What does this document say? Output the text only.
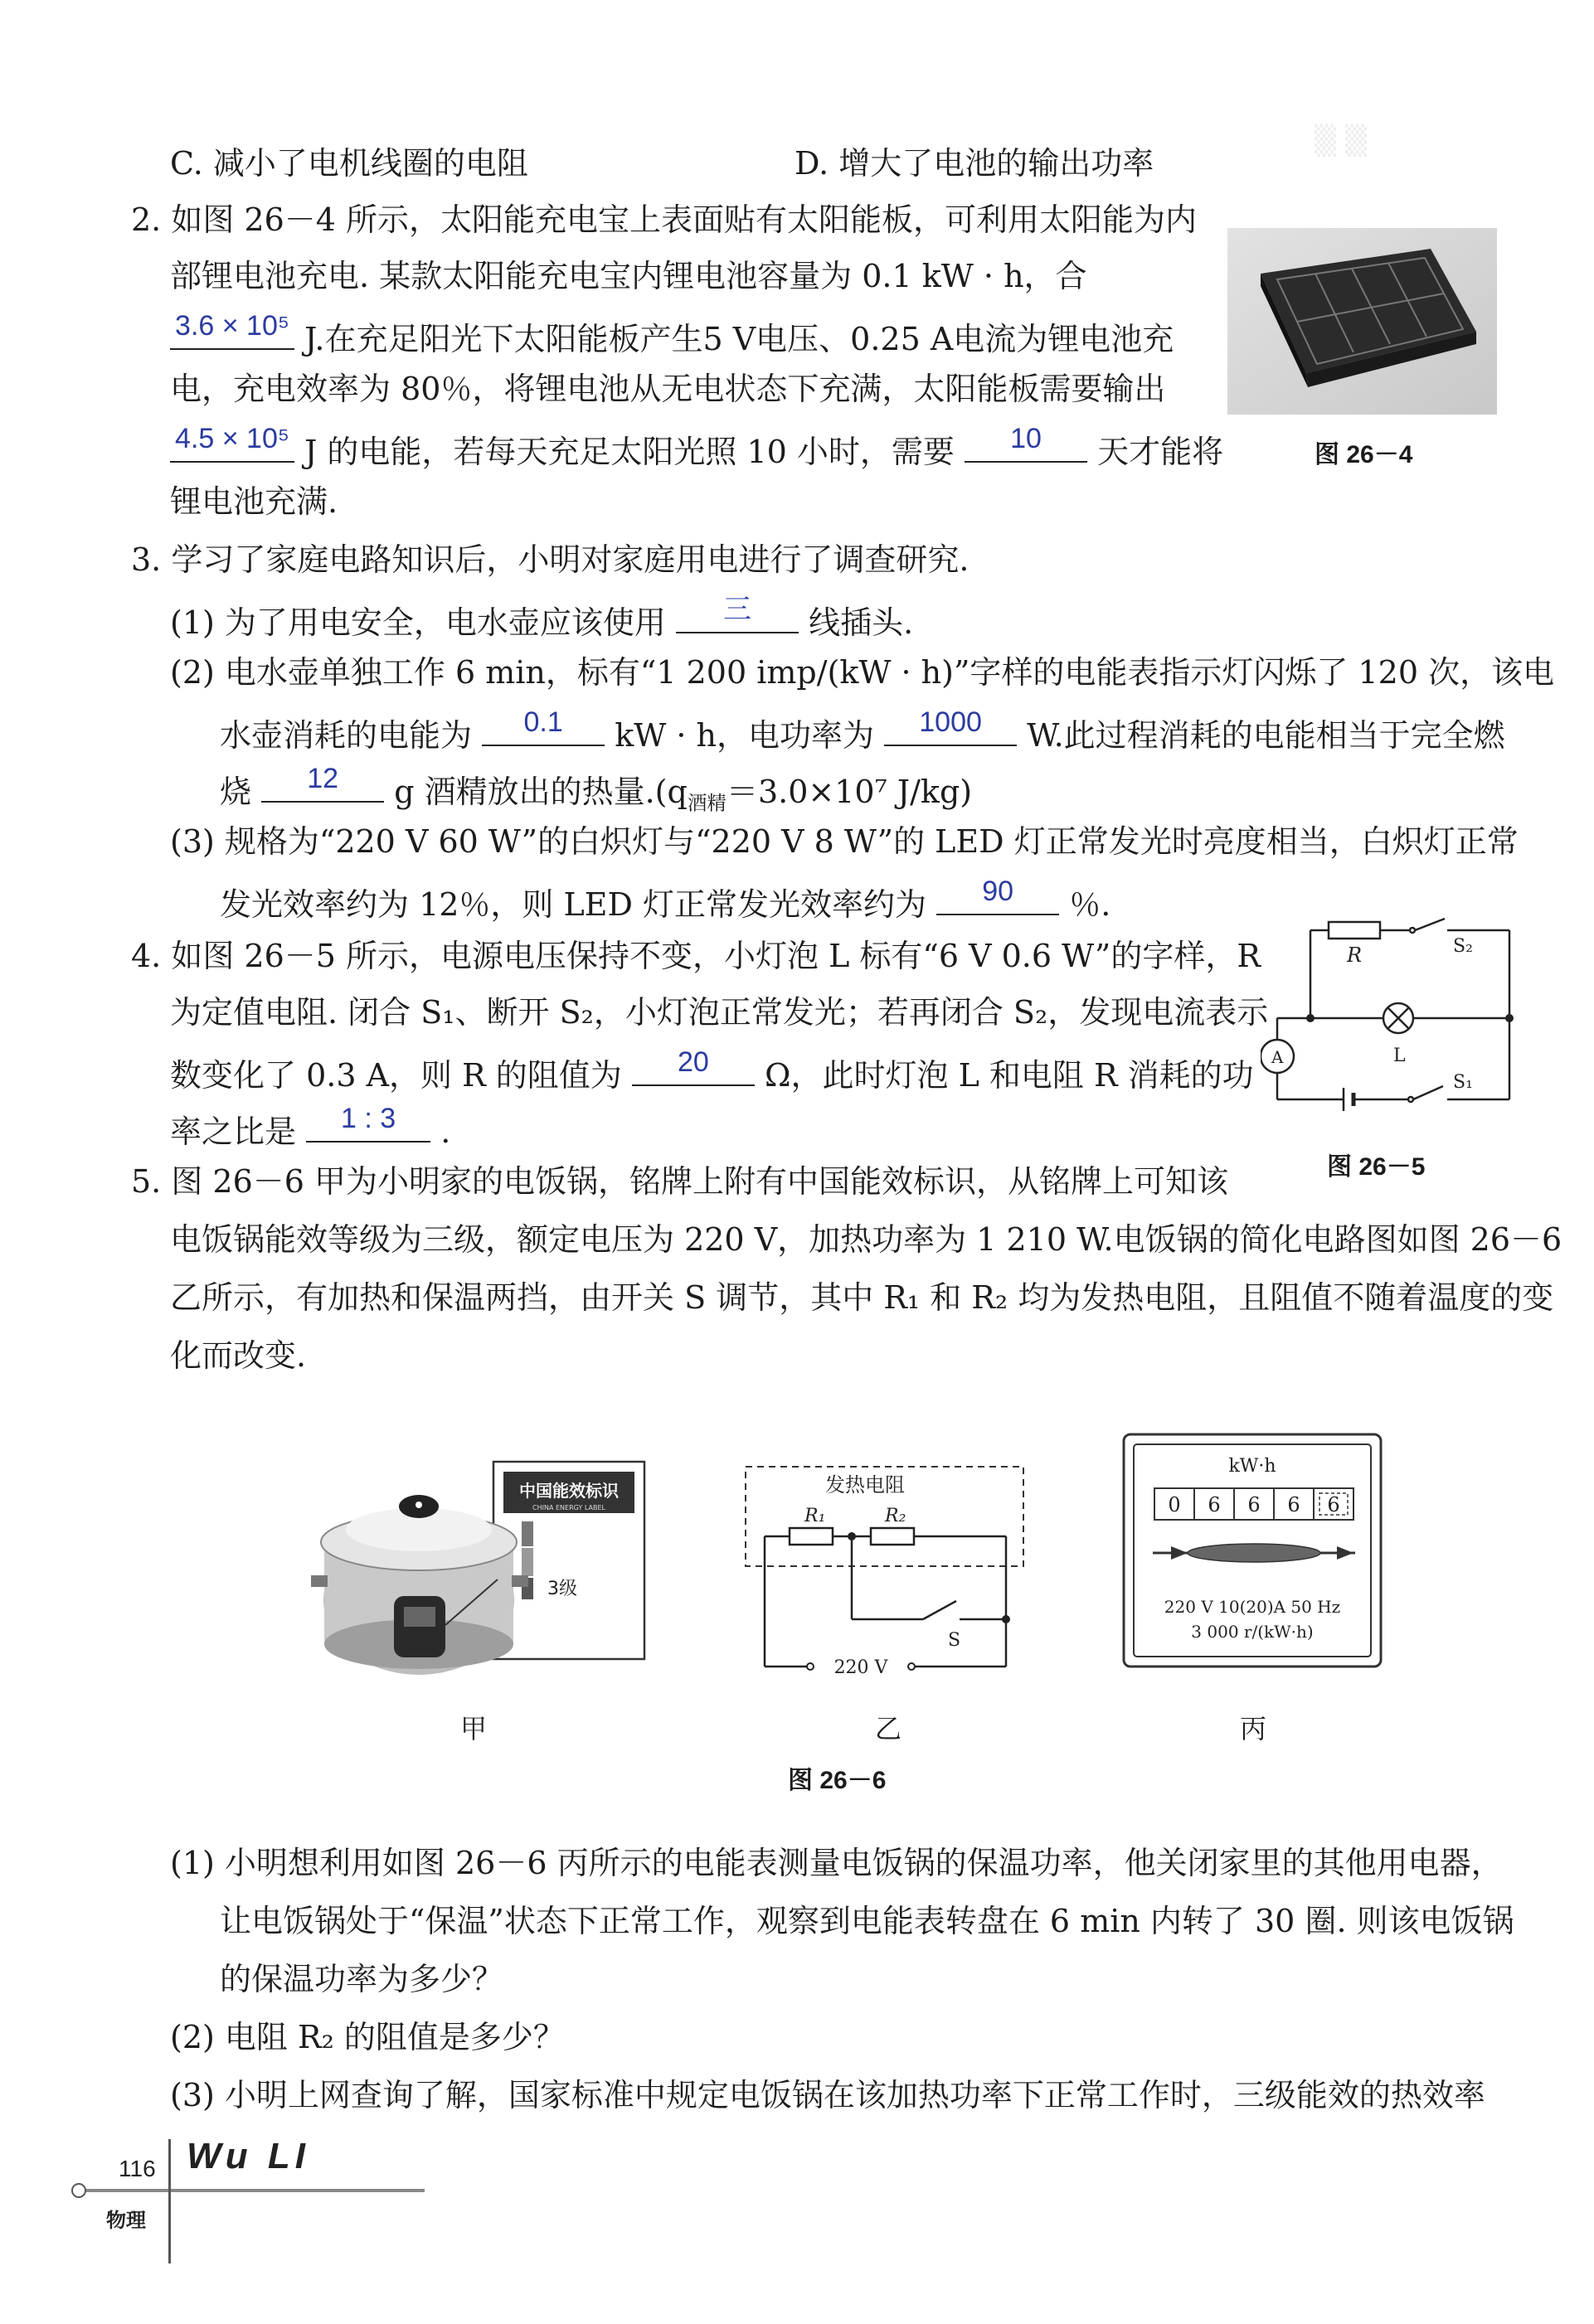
C. 减小了电机线圈的电阻	D. 增大了电池的输出功率
▒ ▒
2. 如图 26－4 所示，太阳能充电宝上表面贴有太阳能板，可利用太阳能为内
部锂电池充电. 某款太阳能充电宝内锂电池容量为 0.1 kW · h，合
3.6 × 10⁵ J.在充足阳光下太阳能板产生5 V电压、0.25 A电流为锂电池充
电，充电效率为 80％，将锂电池从无电状态下充满，太阳能板需要输出
4.5 × 10⁵ J 的电能，若每天充足太阳光照 10 小时，需要	10	天才能将
锂电池充满.
图 26－4
3. 学习了家庭电路知识后，小明对家庭用电进行了调查研究.
(1) 为了用电安全，电水壶应该使用	三	线插头.
(2) 电水壶单独工作 6 min，标有“1 200 imp/(kW · h)”字样的电能表指示灯闪烁了 120 次，该电
水壶消耗的电能为	0.1	kW · h，电功率为	1000	W.此过程消耗的电能相当于完全燃
烧	12	g 酒精放出的热量$.(q_{酒精}=3.0\times 10^7$ J/kg)
(3) 规格为“220 V 60 W”的白炽灯与“220 V 8 W”的 LED 灯正常发光时亮度相当，白炽灯正常
发光效率约为 12％，则 LED 灯正常发光效率约为	90	％.
4. 如图 26－5 所示，电源电压保持不变，小灯泡 L 标有“6 V 0.6 W”的字样，R
为定值电阻. 闭合 S₁、断开 S₂，小灯泡正常发光；若再闭合 S₂，发现电流表示
数变化了 0.3 A，则 R 的阻值为	20	Ω，此时灯泡 L 和电阻 R 消耗的功
率之比是	1 : 3	.
R	S₂
L
A
S₁
图 26－5
5. 图 26－6 甲为小明家的电饭锅，铭牌上附有中国能效标识，从铭牌上可知该
电饭锅能效等级为三级，额定电压为 220 V，加热功率为 1 210 W.电饭锅的简化电路图如图 26－6
乙所示，有加热和保温两挡，由开关 S 调节，其中 R₁ 和 R₂ 均为发热电阻，且阻值不随着温度的变
化而改变.
中国能效标识
CHINA ENERGY LABEL
3级
发热电阻
R₁	R₂
S
220 V
kW·h
0 6 6 6 6
220 V 10(20)A 50 Hz
3 000 r/(kW·h)
甲	乙	丙
图 26－6
(1) 小明想利用如图 26－6 丙所示的电能表测量电饭锅的保温功率，他关闭家里的其他用电器，
让电饭锅处于“保温”状态下正常工作，观察到电能表转盘在 6 min 内转了 30 圈. 则该电饭锅
的保温功率为多少？
(2) 电阻 R₂ 的阻值是多少？
(3) 小明上网查询了解，国家标准中规定电饭锅在该加热功率下正常工作时，三级能效的热效率
116 Wu LI
物理
